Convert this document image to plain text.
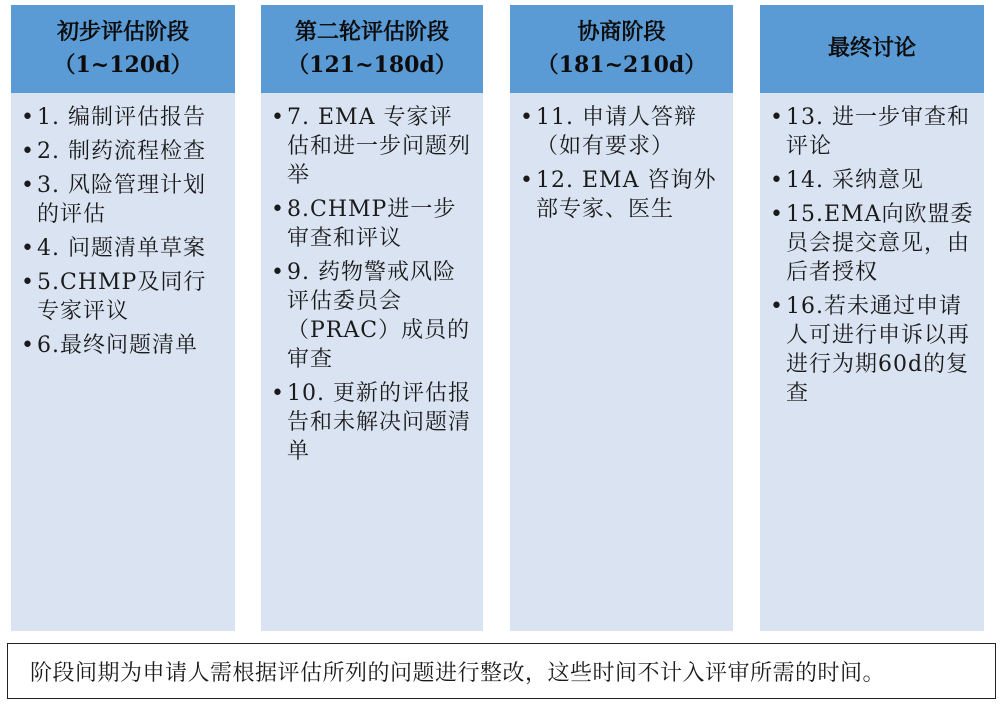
初步评估阶段
（1~120d）
• 1. 编制评估报告
• 2. 制药流程检查
• 3. 风险管理计划的评估
• 4. 问题清单草案
• 5.CHMP及同行专家评议
• 6.最终问题清单
第二轮评估阶段
（121~180d）
• 7. EMA 专家评估和进一步问题列举
• 8.CHMP进一步审查和评议
• 9. 药物警戒风险评估委员会（PRAC）成员的审查
• 10. 更新的评估报告和未解决问题清单
协商阶段
（181~210d）
• 11. 申请人答辩（如有要求）
• 12. EMA 咨询外部专家、医生
最终讨论
• 13. 进一步审查和评论
• 14. 采纳意见
• 15.EMA向欧盟委员会提交意见，由后者授权
• 16.若未通过申请人可进行申诉以再进行为期60d的复查
阶段间期为申请人需根据评估所列的问题进行整改，这些时间不计入评审所需的时间。
